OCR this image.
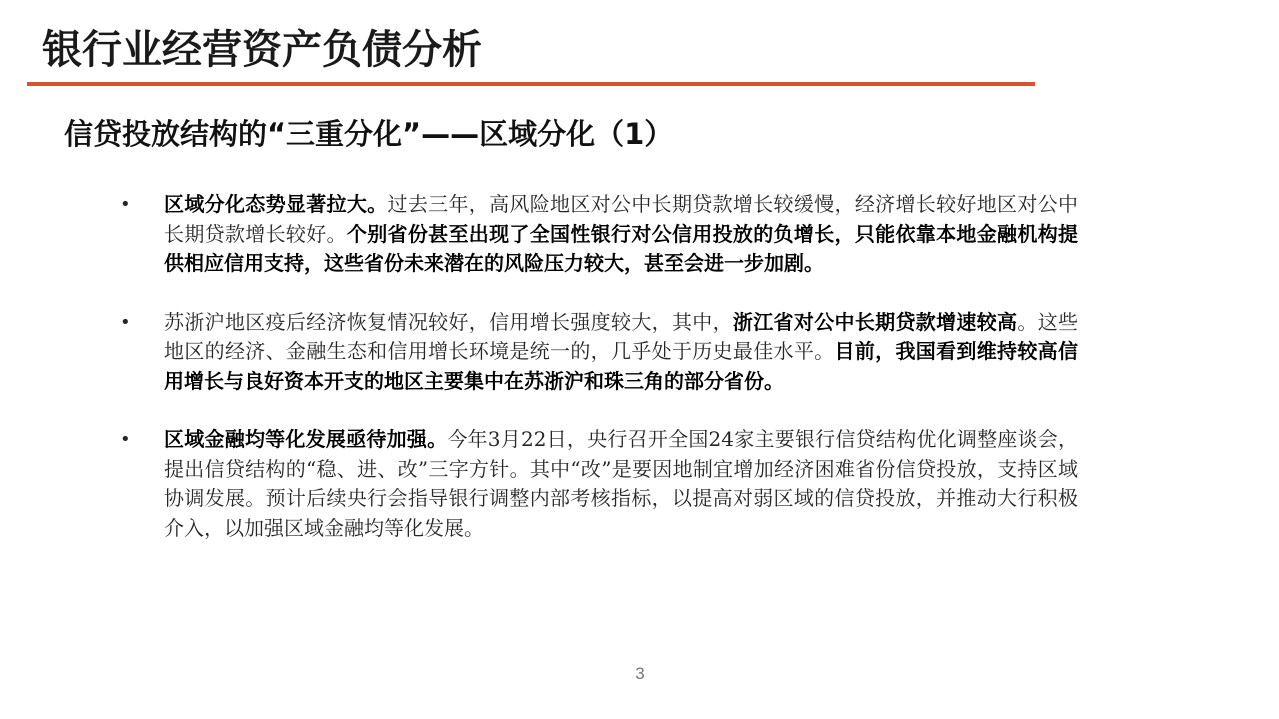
银行业经营资产负债分析
信贷投放结构的“三重分化”——区域分化（1）
• 区域分化态势显著拉大。过去三年，高风险地区对公中长期贷款增长较缓慢，经济增长较好地区对公中长期贷款增长较好。个别省份甚至出现了全国性银行对公信用投放的负增长，只能依靠本地金融机构提供相应信用支持，这些省份未来潜在的风险压力较大，甚至会进一步加剧。
• 苏浙沪地区疫后经济恢复情况较好，信用增长强度较大，其中，浙江省对公中长期贷款增速较高。这些地区的经济、金融生态和信用增长环境是统一的，几乎处于历史最佳水平。目前，我国看到维持较高信用增长与良好资本开支的地区主要集中在苏浙沪和珠三角的部分省份。
• 区域金融均等化发展亟待加强。今年3月22日，央行召开全国24家主要银行信贷结构优化调整座谈会，提出信贷结构的“稳、进、改”三字方针。其中“改”是要因地制宜增加经济困难省份信贷投放，支持区域协调发展。预计后续央行会指导银行调整内部考核指标，以提高对弱区域的信贷投放，并推动大行积极介入，以加强区域金融均等化发展。
3
